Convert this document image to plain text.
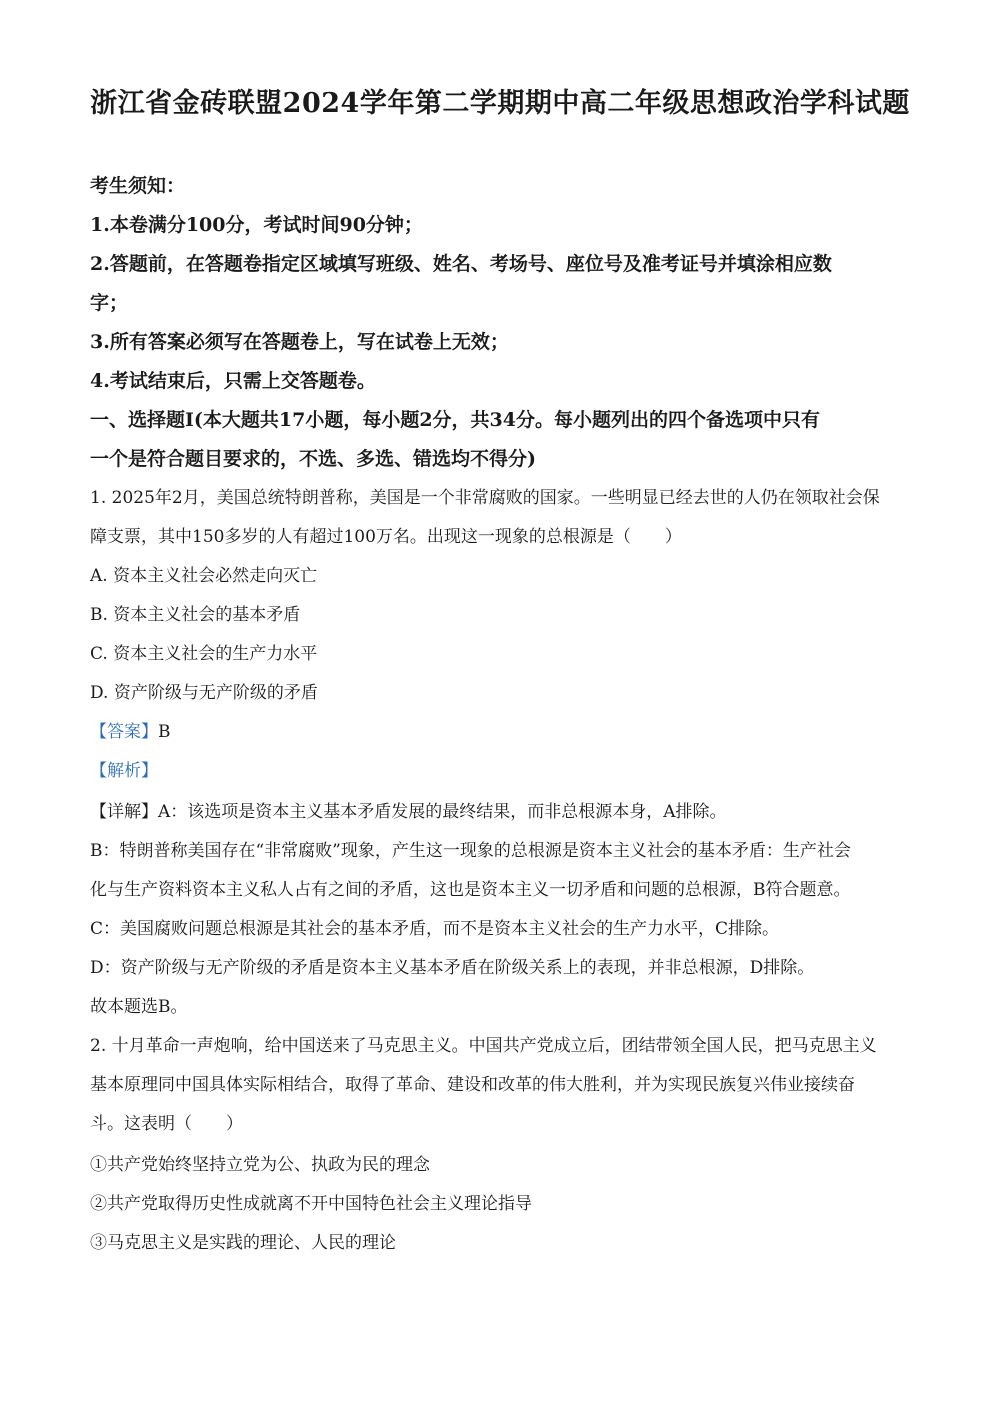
浙江省金砖联盟2024学年第二学期期中高二年级思想政治学科试题

考生须知：

1.本卷满分100分，考试时间90分钟；

2.答题前，在答题卷指定区域填写班级、姓名、考场号、座位号及准考证号并填涂相应数

字；

3.所有答案必须写在答题卷上，写在试卷上无效；

4.考试结束后，只需上交答题卷。

一、选择题Ⅰ(本大题共17小题，每小题2分，共34分。每小题列出的四个备选项中只有

一个是符合题目要求的，不选、多选、错选均不得分)

1. 2025年2月，美国总统特朗普称，美国是一个非常腐败的国家。一些明显已经去世的人仍在领取社会保

障支票，其中150多岁的人有超过100万名。出现这一现象的总根源是（　　）

A. 资本主义社会必然走向灭亡

B. 资本主义社会的基本矛盾

C. 资本主义社会的生产力水平

D. 资产阶级与无产阶级的矛盾

【答案】B

【解析】

【详解】A：该选项是资本主义基本矛盾发展的最终结果，而非总根源本身，A排除。

B：特朗普称美国存在“非常腐败”现象，产生这一现象的总根源是资本主义社会的基本矛盾：生产社会

化与生产资料资本主义私人占有之间的矛盾，这也是资本主义一切矛盾和问题的总根源，B符合题意。

C：美国腐败问题总根源是其社会的基本矛盾，而不是资本主义社会的生产力水平，C排除。

D：资产阶级与无产阶级的矛盾是资本主义基本矛盾在阶级关系上的表现，并非总根源，D排除。

故本题选B。

2. 十月革命一声炮响，给中国送来了马克思主义。中国共产党成立后，团结带领全国人民，把马克思主义

基本原理同中国具体实际相结合，取得了革命、建设和改革的伟大胜利，并为实现民族复兴伟业接续奋

斗。这表明（　　）

①共产党始终坚持立党为公、执政为民的理念

②共产党取得历史性成就离不开中国特色社会主义理论指导

③马克思主义是实践的理论、人民的理论
